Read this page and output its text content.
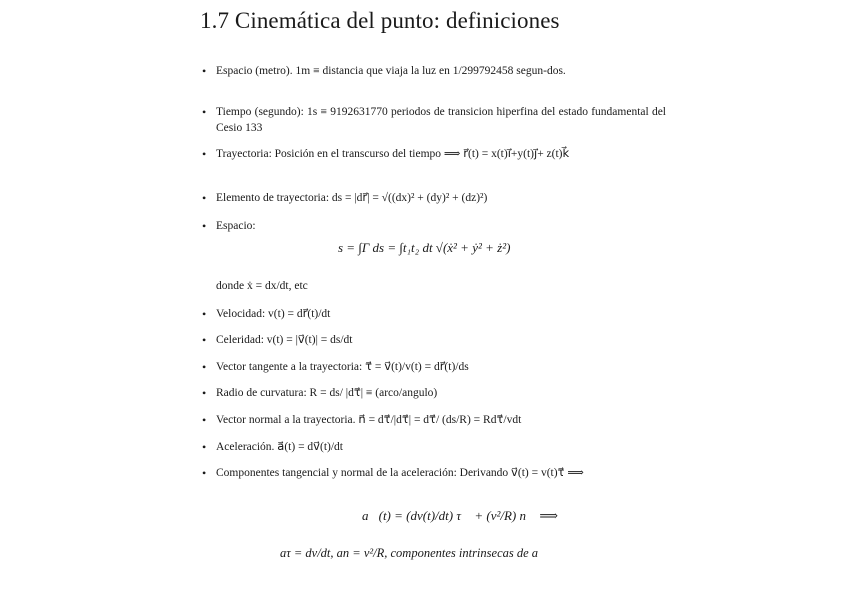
1.7 Cinemática del punto: definiciones
• Espacio (metro). 1m ≡ distancia que viaja la luz en 1/299792458 segun-dos.
• Tiempo (segundo): 1s ≡ 9192631770 periodos de transicion hiperfina del estado fundamental del Cesio 133
• Trayectoria: Posición en el transcurso del tiempo ⟹ r⃗(t) = x(t)i⃗+y(t)j⃗+ z(t)k⃗
• Elemento de trayectoria: ds = |dr⃗| = √((dx)² + (dy)² + (dz)²)
• Espacio:
s = ∫Γ ds = ∫t₁t₂ dt √(ẋ² + ẏ² + ż²)
donde ẋ = dx/dt, etc
• Velocidad: v(t) = dr⃗(t)/dt
• Celeridad: v(t) = |v⃗(t)| = ds/dt
• Vector tangente a la trayectoria: τ⃗ = v⃗(t)/v(t) = dr⃗(t)/ds
• Radio de curvatura: R = ds/ |dτ⃗| ≡ (arco/angulo)
• Vector normal a la trayectoria. n⃗ = dτ⃗/|dτ⃗| = dτ⃗/ (ds/R) = Rdτ⃗/vdt
• Aceleración. a⃗(t) = dv⃗(t)/dt
• Componentes tangencial y normal de la aceleración: Derivando v⃗(t) = v(t)τ⃗ ⟹
a⃗(t) = (dv(t)/dt) τ⃗ + (v²/R) n⃗ ⟹
aτ = dv/dt, an = v²/R, componentes intrinsecas de a⃗
